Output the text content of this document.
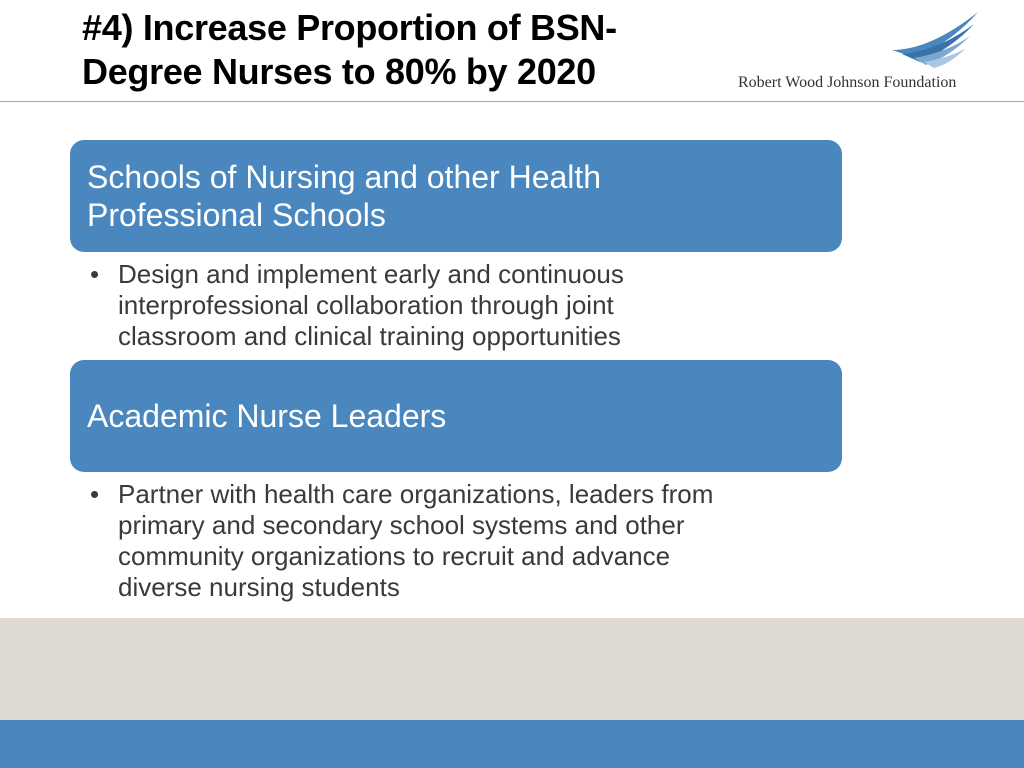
#4) Increase Proportion of BSN-
Degree Nurses to 80% by 2020	Robert Wood Johnson Foundation
Schools of Nursing and other Health
Professional Schools
• Design and implement early and continuous
interprofessional collaboration through joint
classroom and clinical training opportunities
Academic Nurse Leaders
• Partner with health care organizations, leaders from
primary and secondary school systems and other
community organizations to recruit and advance
diverse nursing students
